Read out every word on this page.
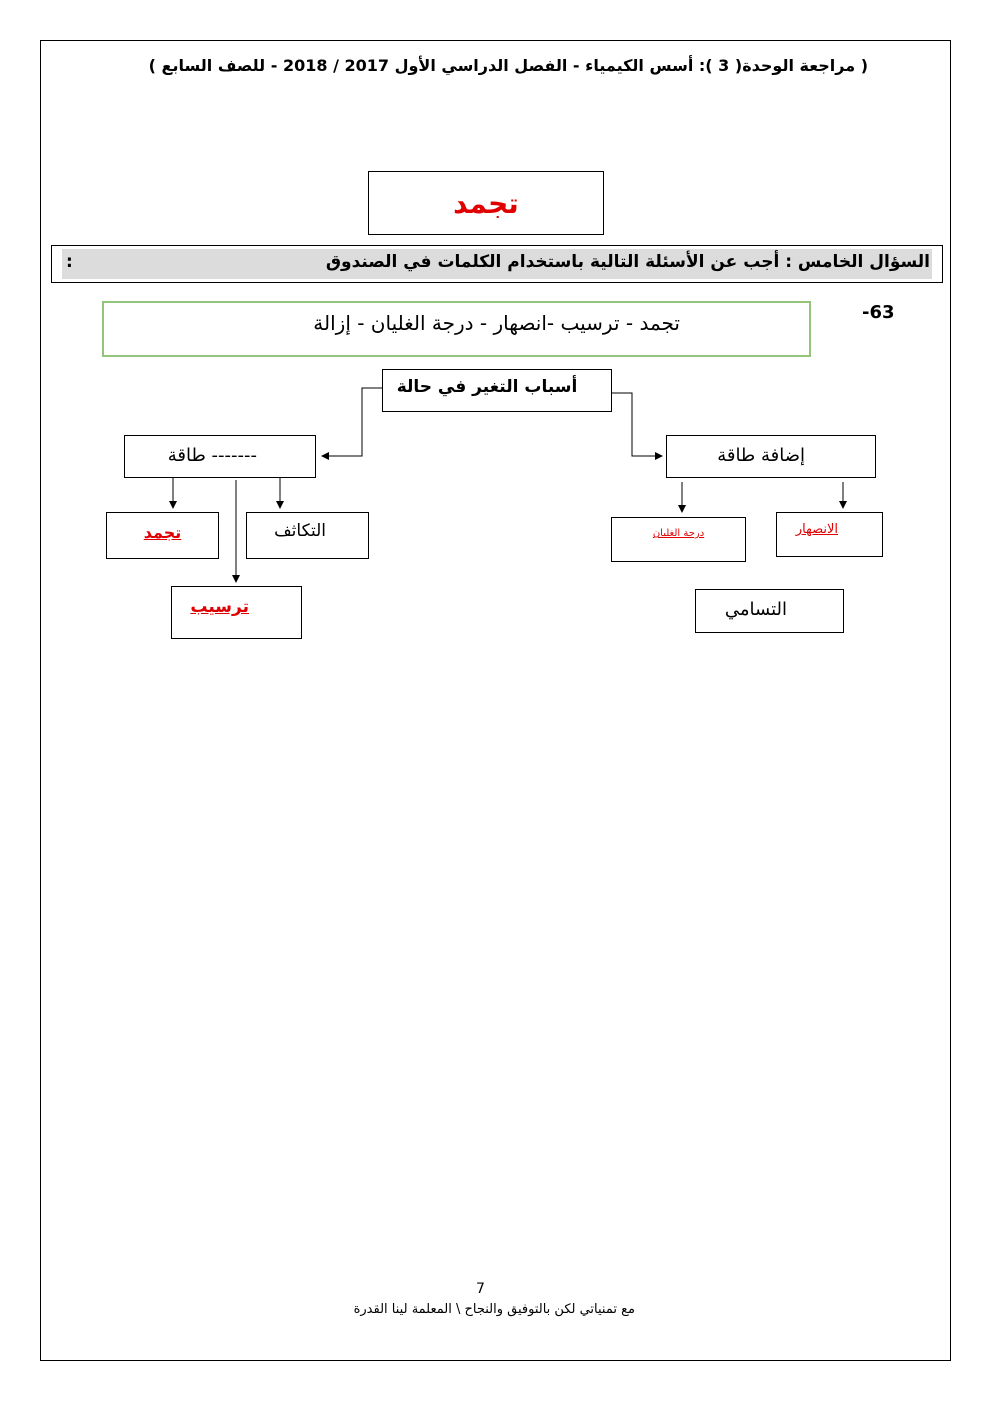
( مراجعة الوحدة( 3 ): أسس الكيمياء - الفصل الدراسي الأول 2017 / 2018 - للصف السابع )
تجمد
السؤال الخامس : أجب عن الأسئلة التالية باستخدام الكلمات في الصندوق
:
-63
تجمد - ترسيب -انصهار - درجة الغليان - إزالة
أسباب التغير في حالة
------- طاقة	إضافة طاقة
تجمد	التكاثف
ترسيب
درجة الغليان	الانصهار
التسامي
7
مع تمنياتي لكن بالتوفيق والنجاح \ المعلمة لينا القدرة
